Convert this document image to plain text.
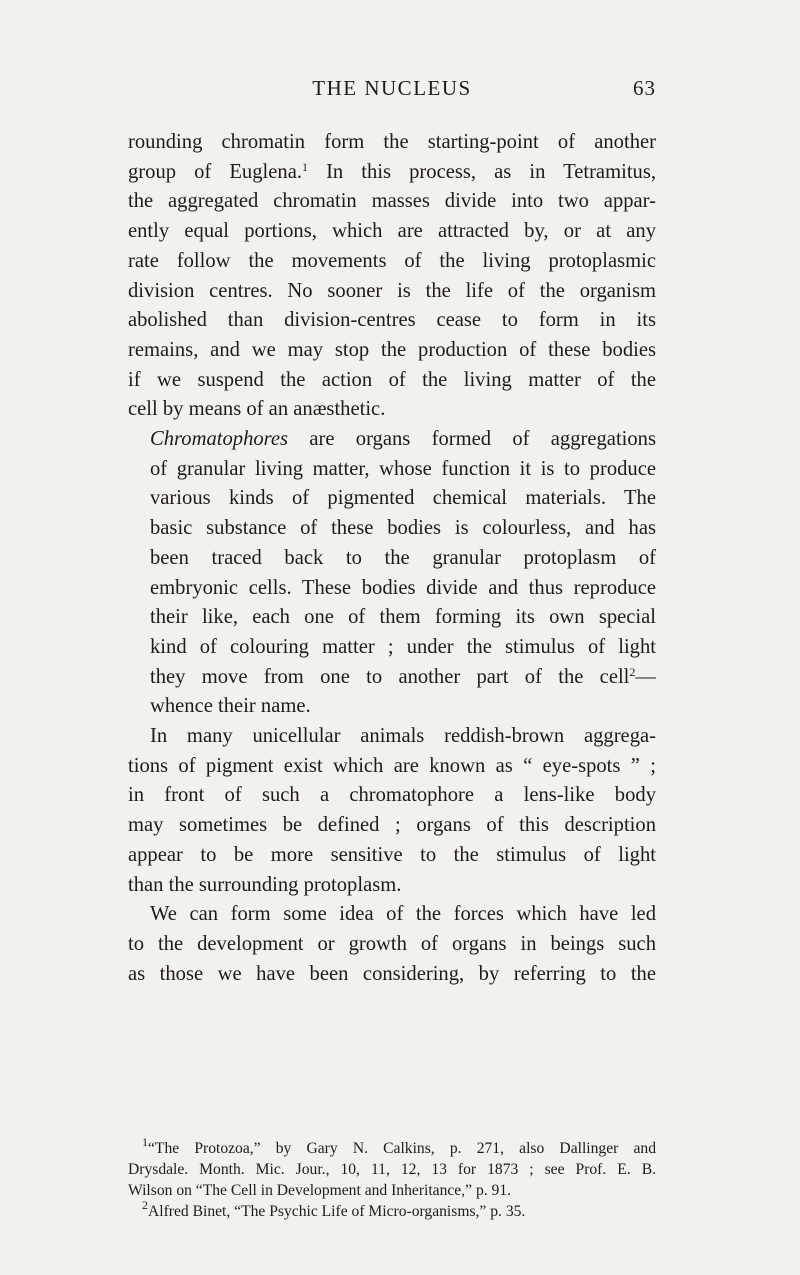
THE NUCLEUS	63

rounding chromatin form the starting-point of another
group of Euglena.$^1$ In this process, as in Tetramitus,
the aggregated chromatin masses divide into two appar-
ently equal portions, which are attracted by, or at any
rate follow the movements of the living protoplasmic
division centres. No sooner is the life of the organism
abolished than division-centres cease to form in its
remains, and we may stop the production of these bodies
if we suspend the action of the living matter of the
cell by means of an anæsthetic.

Chromatophores are organs formed of aggregations
of granular living matter, whose function it is to produce
various kinds of pigmented chemical materials. The
basic substance of these bodies is colourless, and has
been traced back to the granular protoplasm of
embryonic cells. These bodies divide and thus reproduce
their like, each one of them forming its own special
kind of colouring matter ; under the stimulus of light
they move from one to another part of the cell$^2$—
whence their name.

In many unicellular animals reddish-brown aggrega-
tions of pigment exist which are known as “ eye-spots ” ;
in front of such a chromatophore a lens-like body
may sometimes be defined ; organs of this description
appear to be more sensitive to the stimulus of light
than the surrounding protoplasm.

We can form some idea of the forces which have led
to the development or growth of organs in beings such
as those we have been considering, by referring to the

$^1$“The Protozoa,” by Gary N. Calkins, p. 271, also Dallinger and
Drysdale. Month. Mic. Jour., 10, 11, 12, 13 for 1873 ; see Prof. E. B.
Wilson on “The Cell in Development and Inheritance,” p. 91.
$^2$Alfred Binet, “The Psychic Life of Micro-organisms,” p. 35.
